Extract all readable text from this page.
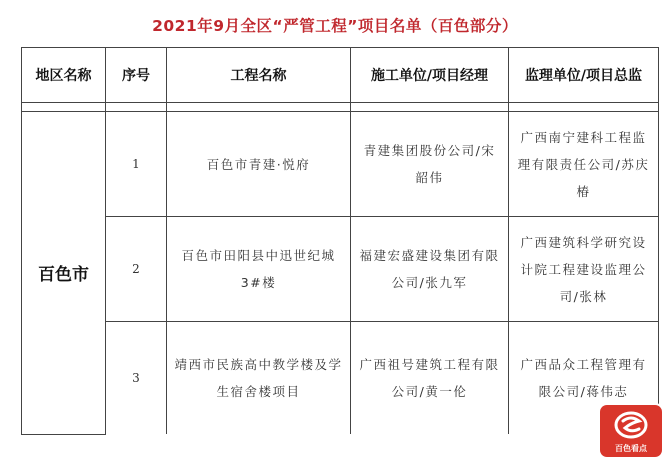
2021年9月全区“严管工程”项目名单（百色部分）
地区名称	序号	工程名称	施工单位/项目经理	监理单位/项目总监

百色市	1	百色市青建·悦府	青建集团股份公司/宋韶伟	广西南宁建科工程监理有限责任公司/苏庆椿
	2	百色市田阳县中迅世纪城3#楼	福建宏盛建设集团有限公司/张九军	广西建筑科学研究设计院工程建设监理公司/张林
	3	靖西市民族高中教学楼及学生宿舍楼项目	广西祖号建筑工程有限公司/黄一伦	广西品众工程管理有限公司/蒋伟志
百色看点
